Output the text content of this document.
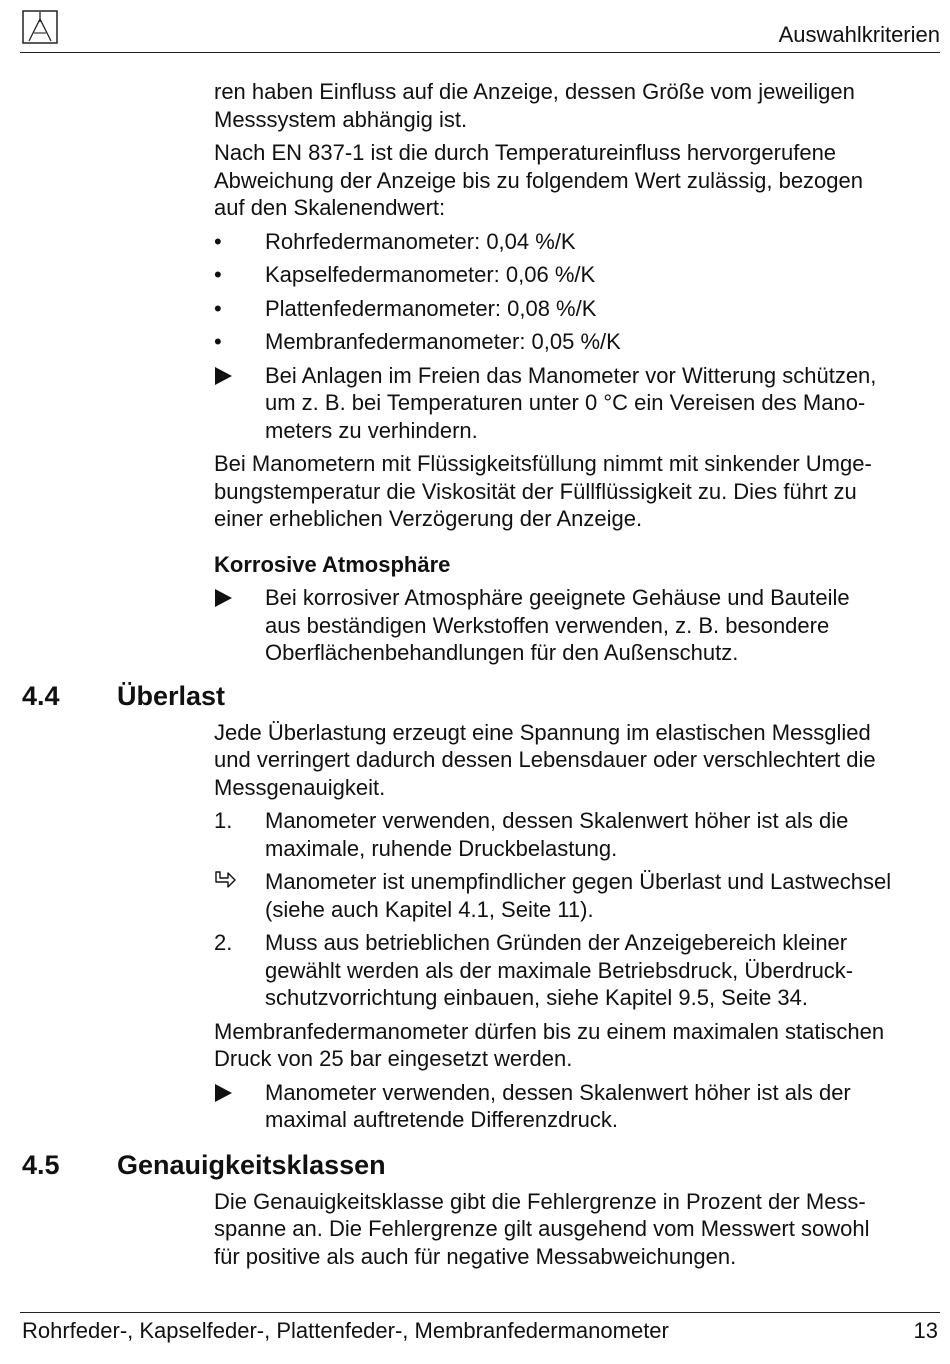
Auswahlkriterien
ren haben Einfluss auf die Anzeige, dessen Größe vom jeweiligen
Messsystem abhängig ist.
Nach EN 837-1 ist die durch Temperatureinfluss hervorgerufene
Abweichung der Anzeige bis zu folgendem Wert zulässig, bezogen
auf den Skalenendwert:
• Rohrfedermanometer: 0,04 %/K
• Kapselfedermanometer: 0,06 %/K
• Plattenfedermanometer: 0,08 %/K
• Membranfedermanometer: 0,05 %/K
Bei Anlagen im Freien das Manometer vor Witterung schützen,
um z. B. bei Temperaturen unter 0 °C ein Vereisen des Mano-
meters zu verhindern.
Bei Manometern mit Flüssigkeitsfüllung nimmt mit sinkender Umge-
bungstemperatur die Viskosität der Füllflüssigkeit zu. Dies führt zu
einer erheblichen Verzögerung der Anzeige.
Korrosive Atmosphäre
Bei korrosiver Atmosphäre geeignete Gehäuse und Bauteile
aus beständigen Werkstoffen verwenden, z. B. besondere
Oberflächenbehandlungen für den Außenschutz.
4.4 Überlast
Jede Überlastung erzeugt eine Spannung im elastischen Messglied
und verringert dadurch dessen Lebensdauer oder verschlechtert die
Messgenauigkeit.
1. Manometer verwenden, dessen Skalenwert höher ist als die
maximale, ruhende Druckbelastung.
Manometer ist unempfindlicher gegen Überlast und Lastwechsel
(siehe auch Kapitel 4.1, Seite 11).
2. Muss aus betrieblichen Gründen der Anzeigebereich kleiner
gewählt werden als der maximale Betriebsdruck, Überdruck-
schutzvorrichtung einbauen, siehe Kapitel 9.5, Seite 34.
Membranfedermanometer dürfen bis zu einem maximalen statischen
Druck von 25 bar eingesetzt werden.
Manometer verwenden, dessen Skalenwert höher ist als der
maximal auftretende Differenzdruck.
4.5 Genauigkeitsklassen
Die Genauigkeitsklasse gibt die Fehlergrenze in Prozent der Mess-
spanne an. Die Fehlergrenze gilt ausgehend vom Messwert sowohl
für positive als auch für negative Messabweichungen.
Rohrfeder-, Kapselfeder-, Plattenfeder-, Membranfedermanometer	13
